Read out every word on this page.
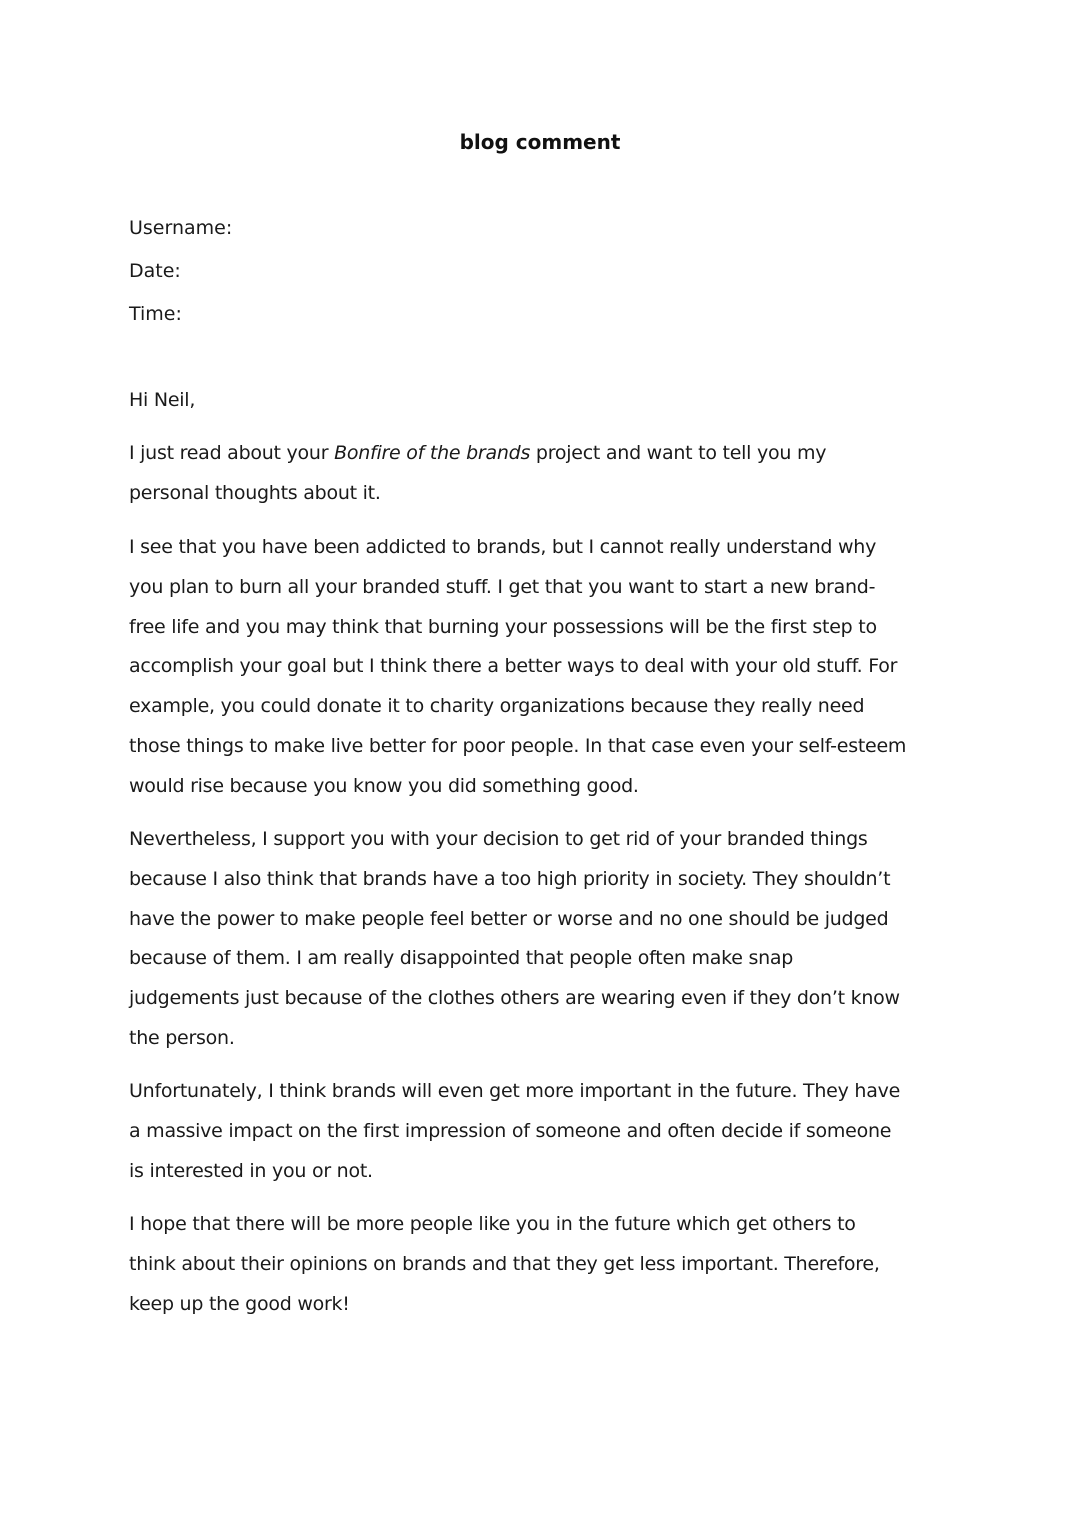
blog comment
Username:
Date:
Time:

Hi Neil,

I just read about your Bonfire of the brands project and want to tell you my
personal thoughts about it.
I see that you have been addicted to brands, but I cannot really understand why
you plan to burn all your branded stuff. I get that you want to start a new brand-
free life and you may think that burning your possessions will be the first step to
accomplish your goal but I think there a better ways to deal with your old stuff. For
example, you could donate it to charity organizations because they really need
those things to make live better for poor people. In that case even your self-esteem
would rise because you know you did something good.
Nevertheless, I support you with your decision to get rid of your branded things
because I also think that brands have a too high priority in society. They shouldn’t
have the power to make people feel better or worse and no one should be judged
because of them. I am really disappointed that people often make snap
judgements just because of the clothes others are wearing even if they don’t know
the person.
Unfortunately, I think brands will even get more important in the future. They have
a massive impact on the first impression of someone and often decide if someone
is interested in you or not.
I hope that there will be more people like you in the future which get others to
think about their opinions on brands and that they get less important. Therefore,
keep up the good work!
